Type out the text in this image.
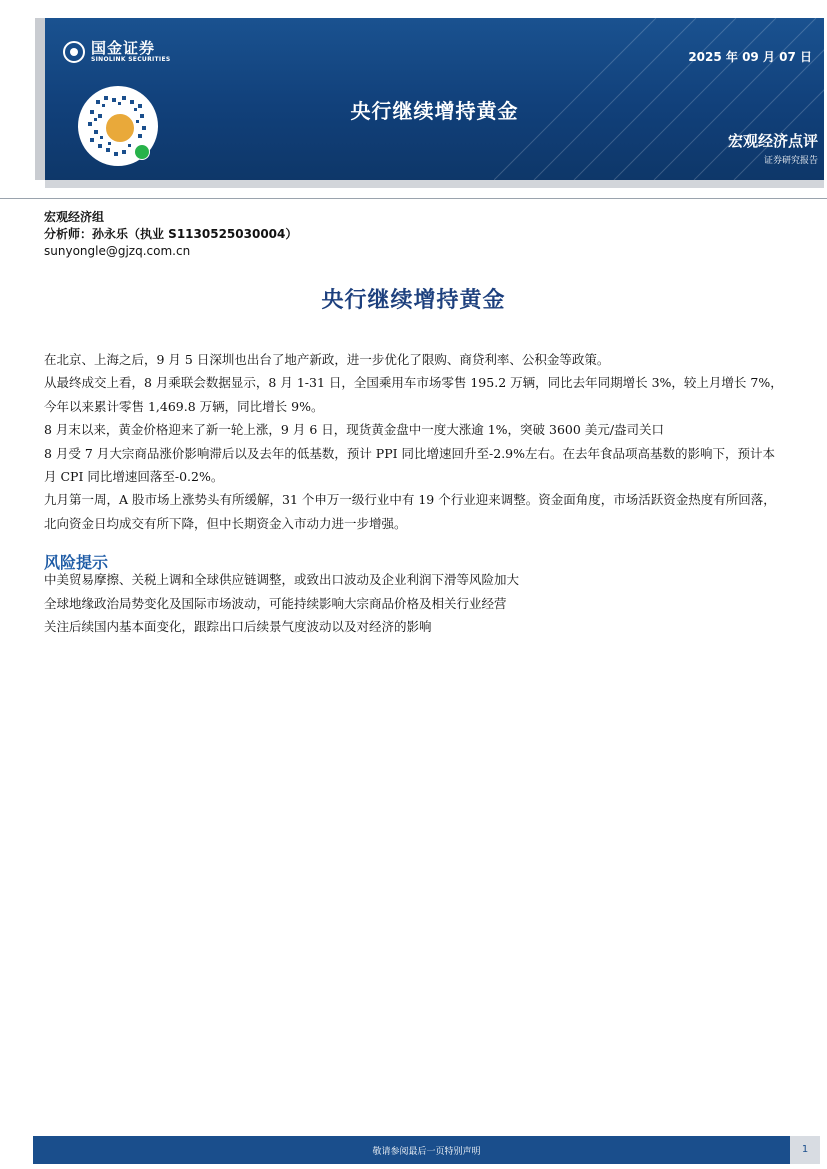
国金证券
SINOLINK SECURITIES
央行继续增持黄金
2025 年 09 月 07 日
宏观经济点评
证券研究报告
宏观经济组
分析师：孙永乐（执业 S1130525030004）
sunyongle@gjzq.com.cn
央行继续增持黄金

在北京、上海之后，9 月 5 日深圳也出台了地产新政，进一步优化了限购、商贷利率、公积金等政策。

从最终成交上看，8 月乘联会数据显示，8 月 1-31 日，全国乘用车市场零售 195.2 万辆，同比去年同期增长 3%，较上月增长 7%，今年以来累计零售 1,469.8 万辆，同比增长 9%。

8 月末以来，黄金价格迎来了新一轮上涨，9 月 6 日，现货黄金盘中一度大涨逾 1%，突破 3600 美元/盎司关口

8 月受 7 月大宗商品涨价影响滞后以及去年的低基数，预计 PPI 同比增速回升至-2.9%左右。在去年食品项高基数的影响下，预计本月 CPI 同比增速回落至-0.2%。

九月第一周，A 股市场上涨势头有所缓解，31 个申万一级行业中有 19 个行业迎来调整。资金面角度，市场活跃资金热度有所回落，北向资金日均成交有所下降，但中长期资金入市动力进一步增强。

风险提示

中美贸易摩擦、关税上调和全球供应链调整，或致出口波动及企业利润下滑等风险加大

全球地缘政治局势变化及国际市场波动，可能持续影响大宗商品价格及相关行业经营

关注后续国内基本面变化，跟踪出口后续景气度波动以及对经济的影响

敬请参阅最后一页特别声明	1
